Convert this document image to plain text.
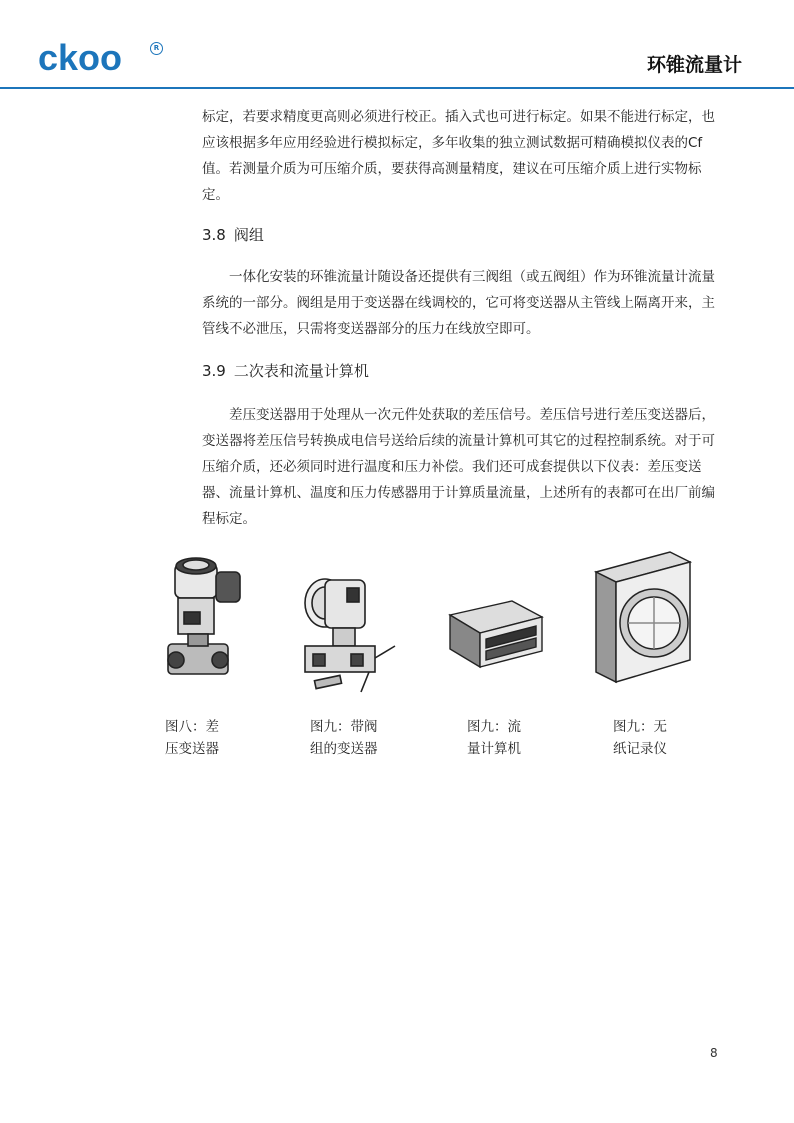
ckoo	R
环锥流量计

标定，若要求精度更高则必须进行校正。插入式也可进行标定。如果不能进行标定，也应该根据多年应用经验进行模拟标定，多年收集的独立测试数据可精确模拟仪表的Cf 值。若测量介质为可压缩介质，要获得高测量精度，建议在可压缩介质上进行实物标定。

3.8 阀组

一体化安装的环锥流量计随设备还提供有三阀组（或五阀组）作为环锥流量计流量系统的一部分。阀组是用于变送器在线调校的，它可将变送器从主管线上隔离开来，主管线不必泄压，只需将变送器部分的压力在线放空即可。

3.9 二次表和流量计算机

差压变送器用于处理从一次元件处获取的差压信号。差压信号进行差压变送器后，变送器将差压信号转换成电信号送给后续的流量计算机可其它的过程控制系统。对于可压缩介质，还必须同时进行温度和压力补偿。我们还可成套提供以下仪表：差压变送器、流量计算机、温度和压力传感器用于计算质量流量，上述所有的表都可在出厂前编程标定。

图八：差
压变送器
图九：带阀
组的变送器
图九：流
量计算机
图九：无
纸记录仪
8
